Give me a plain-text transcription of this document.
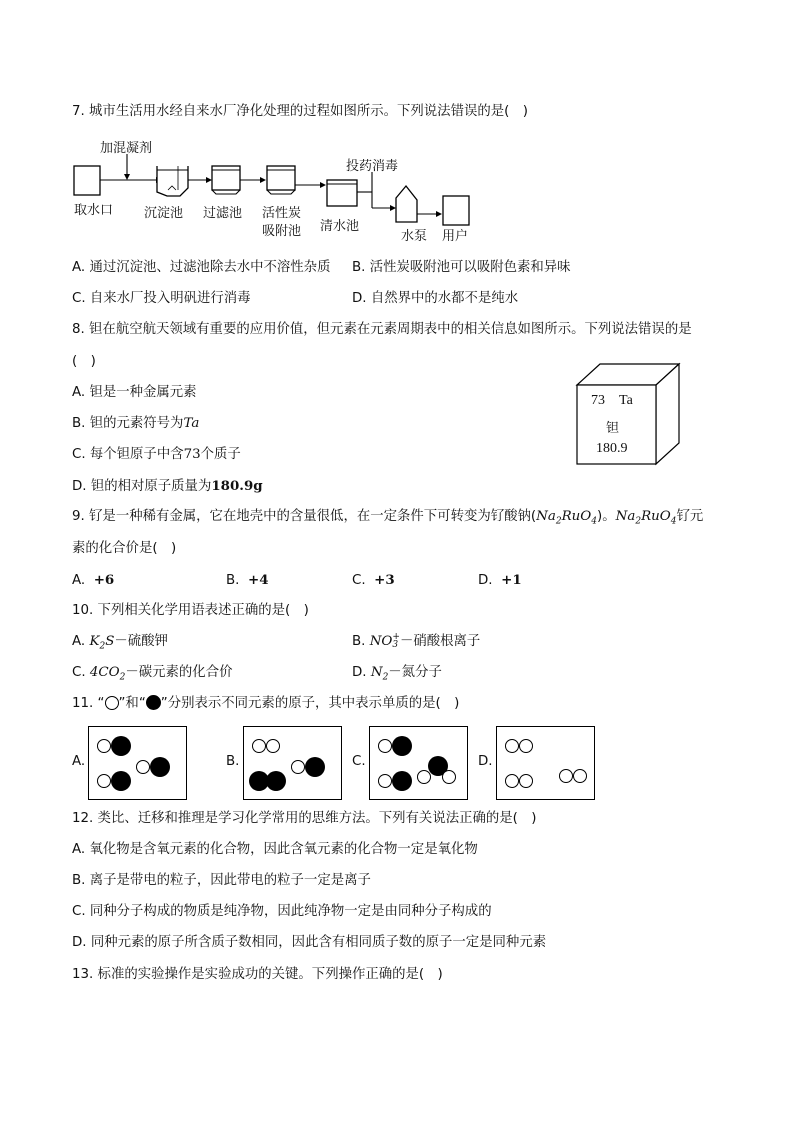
7. 城市生活用水经自来水厂净化处理的过程如图所示。下列说法错误的是(　)
加混凝剂
投药消毒
取水口 沉淀池 过滤池 活性炭
吸附池 清水池
水泵 用户
A. 通过沉淀池、过滤池除去水中不溶性杂质 B. 活性炭吸附池可以吸附色素和异味
C. 自来水厂投入明矾进行消毒	D. 自然界中的水都不是纯水
8. 钽在航空航天领域有重要的应用价值，但元素在元素周期表中的相关信息如图所示。下列说法错误的是
(　)
A. 钽是一种金属元素
B. 钽的元素符号为Ta
C. 每个钽原子中含73个质子
D. 钽的相对原子质量为180.9g
73 Ta
钽
180.9
9. 钌是一种稀有金属，它在地壳中的含量很低，在一定条件下可转变为钌酸钠$(Na_2RuO_4)$。$Na_2RuO_4$钌元
素的化合价是(　)
A. +6	B. +4	C. +3	D. +1
10. 下列相关化学用语表述正确的是(　)
A. $K_2S-$硫酸钾	B. NO +
3 －硝酸根离子
C. $4CO_2-$碳元素的化合价	D. $N_2-$氮分子
11. “ ”和“ ”分别表示不同元素的原子，其中表示单质的是(　)
A.	B.	C.	D.
12. 类比、迁移和推理是学习化学常用的思维方法。下列有关说法正确的是(　)
A. 氧化物是含氧元素的化合物，因此含氧元素的化合物一定是氧化物
B. 离子是带电的粒子，因此带电的粒子一定是离子
C. 同种分子构成的物质是纯净物，因此纯净物一定是由同种分子构成的
D. 同种元素的原子所含质子数相同，因此含有相同质子数的原子一定是同种元素
13. 标准的实验操作是实验成功的关键。下列操作正确的是(　)
